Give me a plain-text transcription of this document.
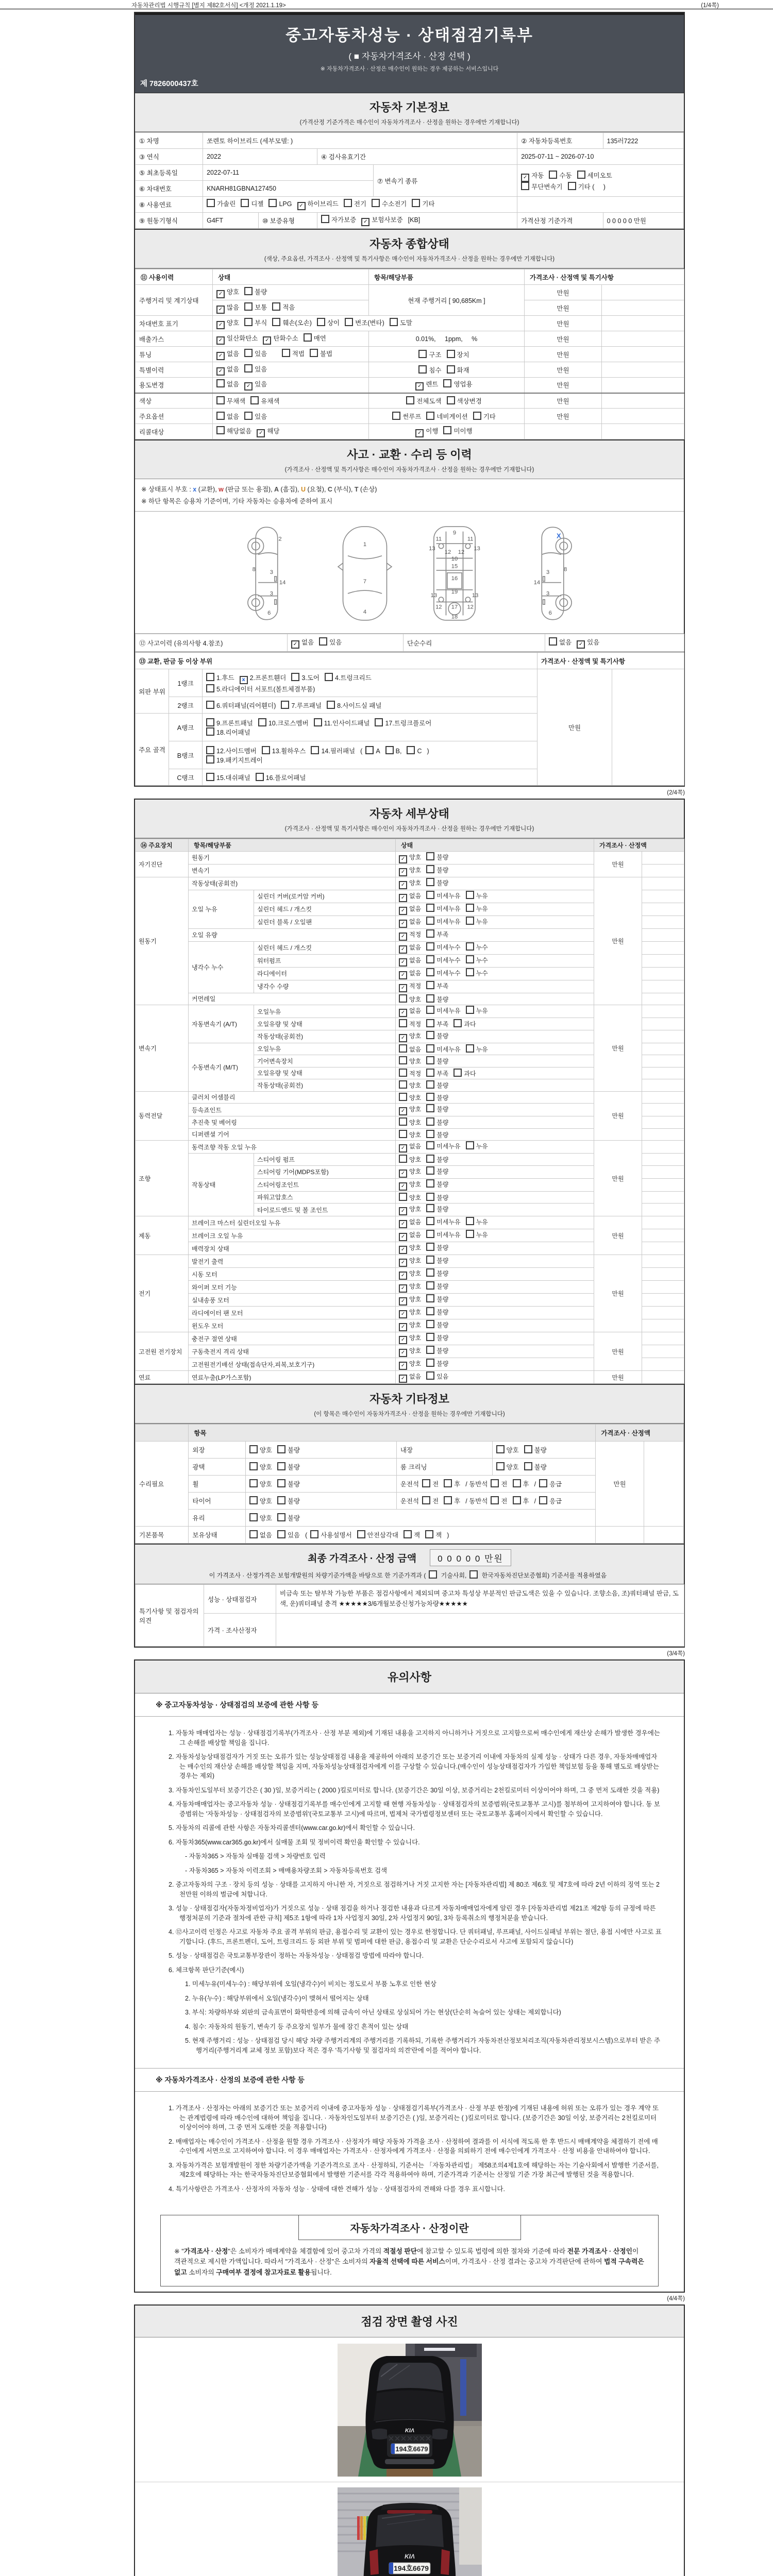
자동차관리법 시행규칙 [별지 제82호서식] <개정 2021.1.19>	(1/4쪽)
중고자동차성능 · 상태점검기록부
( ■ 자동차가격조사 · 산정 선택 )
※ 자동차가격조사 · 산정은 매수인이 원하는 경우 제공하는 서비스입니다
제 7826000437호
자동차 기본정보
(가격산정 기준가격은 매수인이 자동차가격조사 · 산정을 원하는 경우에만 기재합니다)
① 차명	쏘렌토 하이브리드 (세부모델: )				② 자동차등록번호	135러7222
③ 연식	2022		④ 검사유효기간		2025-07-11 ~ 2026-07-10	
⑤ 최초등록일	2022-07-11			⑦ 변속기 종류	✓ 자동 수동 세미오토
무단변속기 기타 (     )	
⑥ 차대번호	KNARH81GBNA127450					
⑧ 사용연료	가솔린 디젤 LPG ✓ 하이브리드 전기 수소전기 기타					
⑨ 원동기형식	G4FT	⑩ 보증유형	자가보증 ✓ 보험사보증 [KB]		가격산정 기준가격	0 0 0 0 0 만원
자동차 종합상태
(색상, 주요옵션, 가격조사 · 산정액 및 특기사항은 매수인이 자동차가격조사 · 산정을 원하는 경우에만 기재합니다)
⑪ 사용이력	상태	항목/해당부품	가격조사 · 산정액 및 특기사항	
주행거리 및 계기상태	✓ 양호 불량	현재 주행거리 [ 90,685Km ]	만원	
	✓ 많음 보통 적음		만원	
차대번호 표기	✓ 양호 부식 훼손(오손) 상이 변조(변타) 도말		만원	
배출가스	✓ 일산화탄소 ✓ 탄화수소 매연	0.01%,     1ppm,     %	만원	
튜닝	✓ 없음 있음  적법 불법	구조 장치	만원	
특별이력	✓ 없음 있음	침수 화재	만원	
용도변경	없음 ✓ 있음	✓ 렌트 영업용	만원	
색상	무채색 유채색	전체도색 색상변경	만원	
주요옵션	없음 있음	썬루프 네비게이션 기타	만원	
리콜대상	해당없음 ✓ 해당	✓ 이행 미이행		
사고 · 교환 · 수리 등 이력
(가격조사 · 산정액 및 특기사항은 매수인이 자동차가격조사 · 산정을 원하는 경우에만 기재합니다)
※ 상태표시 부호 : x (교환), w (판금 또는 용접), A (흠집), U (요철), C (부식), T (손상)
※ 하단 항목은 승용차 기준이며, 기타 자동차는 승용차에 준하여 표시
2
8	3
14
3
6
1
7
4
9
11	11
13	13
12 12
10
15
16
19
13	13
12	12
17
18
X
3	8
14
3
6
⑫ 사고이력 (유의사항 4.참조)	✓ 없음 있음	단순수리	없음 ✓ 있음
⑬ 교환, 판금 등 이상 부위			가격조사 · 산정액 및 특기사항	
외판 부위	1랭크	1.후드 x 2.프론트휀더 3.도어 4.트렁크리드
5.라디에이터 서포트(볼트체결부품)	만원	
	2랭크	6.쿼터패널(리어휀더) 7.루프패널 8.사이드실 패널		
주요 골격	A랭크	9.프론트패널 10.크로스멤버 11.인사이드패널 17.트렁크플로어
18.리어패널		
	B랭크	12.사이드멤버 13.휠하우스 14.필러패널 ( A B, C )
19.패키지트레이		
	C랭크	15.대쉬패널 16.플로어패널		
(2/4쪽)
자동차 세부상태
(가격조사 · 산정액 및 특기사항은 매수인이 자동차가격조사 · 산정을 원하는 경우에만 기재합니다)
⑭ 주요장치	항목/해당부품		상태	가격조사 · 산정액	
자기진단	원동기		✓ 양호 불량	만원	
	변속기		✓ 양호 불량		
원동기	작동상태(공회전)		✓ 양호 불량	만원	
	오일 누유	실린더 커버(로커암 커버)	✓ 없음 미세누유 누유		
		실린더 헤드 / 개스킷	✓ 없음 미세누유 누유		
		실린더 블록 / 오일팬	✓ 없음 미세누유 누유		
	오일 유량		✓ 적정 부족		
	냉각수 누수	실린더 헤드 / 개스킷	✓ 없음 미세누수 누수		
		워터펌프	✓ 없음 미세누수 누수		
		라디에이터	✓ 없음 미세누수 누수		
		냉각수 수량	✓ 적정 부족		
	커먼레일		양호 불량		
변속기	자동변속기 (A/T)	오일누유	✓ 없음 미세누유 누유	만원	
		오일유량 및 상태	적정 부족 과다		
		작동상태(공회전)	✓ 양호 불량		
	수동변속기 (M/T)	오일누유	없음 미세누유 누유		
		기어변속장치	양호 불량		
		오일유량 및 상태	적정 부족 과다		
		작동상태(공회전)	양호 불량		
동력전달	클러치 어셈블리		양호 불량	만원	
	등속죠인트		✓ 양호 불량		
	추진축 및 베어링		양호 불량		
	디퍼렌셜 기어		양호 불량		
조향	동력조향 작동 오일 누유		✓ 없음 미세누유 누유	만원	
	작동상태	스티어링 펌프	양호 불량		
		스티어링 기어(MDPS포함)	✓ 양호 불량		
		스티어링조인트	✓ 양호 불량		
		파워고압호스	양호 불량		
		타이로드엔드 및 볼 조인트	✓ 양호 불량		
제동	브레이크 마스터 실린더오일 누유		✓ 없음 미세누유 누유	만원	
	브레이크 오일 누유		✓ 없음 미세누유 누유		
	배력장치 상태		✓ 양호 불량		
전기	발전기 출력		✓ 양호 불량	만원	
	시동 모터		✓ 양호 불량		
	와이퍼 모터 기능		✓ 양호 불량		
	실내송풍 모터		✓ 양호 불량		
	라디에이터 팬 모터		✓ 양호 불량		
	윈도우 모터		✓ 양호 불량		
고전원 전기장치	충전구 절연 상태		✓ 양호 불량	만원	
	구동축전지 격리 상태		✓ 양호 불량		
	고전원전기배선 상태(접속단자,피복,보호기구)		✓ 양호 불량		
연료	연료누출(LP가스포함)		✓ 없음 있음	만원	
자동차 기타정보
(이 항목은 매수인이 자동차가격조사 · 산정을 원하는 경우에만 기재합니다)
	항목				가격조사 · 산정액	
수리필요	외장	양호 불량	내장	양호 불량	만원	
	광택	양호 불량	룸 크리닝	양호 불량		
	휠	양호 불량	운전석 전 후 / 동반석 전 후 / 응급			
	타이어	양호 불량	운전석 전 후 / 동반석 전 후 / 응급			
	유리	양호 불량				
기본품목	보유상태	없음 있음 ( 사용설명서 안전삼각대 잭 잭 )				
최종 가격조사 · 산정 금액	0 0 0 0 0 만원
이 가격조사 · 산정가격은 보험개발원의 차량기준가액을 바탕으로 한 기준가격과 ( 기술사회, 한국자동차진단보증협회) 기준서를 적용하였음
특기사항 및 점검자의 의견	성능 · 상태점검자	비금속 또는 탈부착 가능한 부품은 점검사항에서 제외되며 중고차 특성상 부분적인 판금도색은 있을 수 있습니다. 조향소음, 조)쿼터패널 판금, 도색, 운)쿼터패널 충격 ★★★★★3/6개월보증신청가능차량★★★★★
	가격 · 조사산정자	
(3/4쪽)
유의사항
※ 중고자동차성능 · 상태점검의 보증에 관한 사항 등
1. 자동차 매매업자는 성능 · 상태점검기록부(가격조사 · 산정 부분 제외)에 기재된 내용을 고지하지 아니하거나 거짓으로 고지함으로써 매수인에게 재산상 손해가 발생한 경우에는 그 손해를 배상할 책임을 집니다.
2. 자동차성능상태점검자가 거짓 또는 오류가 있는 성능상태점검 내용을 제공하여 아래의 보증기간 또는 보증거리 이내에 자동차의 실제 성능 · 상태가 다른 경우, 자동차매매업자는 매수인의 재산상 손해를 배상할 책임을 지며, 자동차성능상태점검자에게 이를 구상할 수 있습니다.(매수인이 성능상태점검자가 가입한 책임보험 등을 통해 별도로 배상받는 경우는 제외)
3. 자동차인도일부터 보증기간은 ( 30 )일, 보증거리는 ( 2000 )킬로미터로 합니다. (보증기간은 30일 이상, 보증거리는 2천킬로미터 이상이어야 하며, 그 중 먼저 도래한 것을 적용)
4. 자동차매매업자는 중고자동차 성능 · 상태점검기록부를 매수인에게 고지할 때 현행 자동차성능 · 상태점검자의 보증범위(국토교통부 고시)를 첨부하여 고지하여야 합니다. 동 보증범위는 '자동차성능 · 상태점검자의 보증범위'(국토교통부 고시)에 따르며, 법제처 국가법령정보센터 또는 국토교통부 홈페이지에서 확인할 수 있습니다.
5. 자동차의 리콜에 관한 사항은 자동차리콜센터(www.car.go.kr)에서 확인할 수 있습니다.
6. 자동차365(www.car365.go.kr)에서 실매물 조회 및 정비이력 확인을 확인할 수 있습니다.
- 자동차365 > 자동차 실매물 검색 > 차량번호 입력
- 자동차365 > 자동차 이력조회 > 매매용차량조회 > 자동차등록번호 검색
2. 중고자동차의 구조 · 장치 등의 성능 · 상태를 고지하지 아니한 자, 거짓으로 점검하거나 거짓 고지한 자는 [자동차관리법] 제 80조 제6호 및 제7호에 따라 2년 이하의 징역 또는 2천만원 이하의 벌금에 처합니다.
3. 성능 · 상태점검자(자동차정비업자)가 거짓으로 성능 · 상태 점검을 하거나 점검한 내용과 다르게 자동차매매업자에게 알린 경우 [자동차관리법 제21조 제2항 등의 규정에 따른 행정처분의 기준과 절차에 관한 규칙] 제5조 1항에 따라 1차 사업정지 30일, 2차 사업정지 90일, 3차 등록취소의 행정처분을 받습니다.
4. ⑫사고이력 인정은 사고로 자동차 주요 골격 부위의 판금, 용접수리 및 교환이 있는 경우로 한정합니다. 단 쿼터패널, 루프패널, 사이드실패널 부위는 절단, 용접 시에만 사고로 표기합니다. (후드, 프론트펜더, 도어, 트렁크리드 등 외판 부위 및 범퍼에 대한 판금, 용접수리 및 교환은 단순수리로서 사고에 포함되지 않습니다)
5. 성능 · 상태점검은 국토교통부장관이 정하는 자동차성능 · 상태점검 방법에 따라야 합니다.
6. 체크항목 판단기준(예시)
1. 미세누유(미세누수) : 해당부위에 오일(냉각수)이 비치는 정도로서 부품 노후로 인한 현상
2. 누유(누수) : 해당부위에서 오일(냉각수)이 맺혀서 떨어지는 상태
3. 부식: 차량하부와 외판의 금속표면이 화학반응에 의해 금속이 아닌 상태로 상실되어 가는 현상(단순히 녹슬어 있는 상태는 제외합니다)
4. 침수: 자동차의 원동기, 변속기 등 주요장치 일부가 물에 잠긴 흔적이 있는 상태
5. 현재 주행거리 : 성능 · 상태점검 당시 해당 차량 주행거리계의 주행거리를 기록하되, 기록한 주행거리가 자동차전산정보처리조직(자동차관리정보시스템)으로부터 받은 주행거리(주행거리계 교체 정보 포함)보다 적은 경우 '특기사항 및 점검자의 의견'란에 이를 적어야 합니다.
※ 자동차가격조사 · 산정의 보증에 관한 사항 등
1. 가격조사 · 산정자는 아래의 보증기간 또는 보증거리 이내에 중고자동차 성능 · 상태점검기록부(가격조사 · 산정 부분 한정)에 기재된 내용에 허위 또는 오류가 있는 경우 계약 또는 관계법령에 따라 매수인에 대하여 책임을 집니다. · 자동차인도일부터 보증기간은 ( )일, 보증거리는 ( )킬로미터로 합니다. (보증기간은 30일 이상, 보증거리는 2천킬로미터 이상이어야 하며, 그 중 먼저 도래한 것을 적용합니다)
2. 매매업자는 매수인이 가격조사 · 산정을 원할 경우 가격조사 · 산정자가 해당 자동차 가격을 조사 · 산정하여 결과를 이 서식에 적도록 한 후 반드시 매매계약을 체결하기 전에 매수인에게 서면으로 고지하여야 합니다. 이 경우 매매업자는 가격조사 · 산정자에게 가격조사 · 산정을 의뢰하기 전에 매수인에게 가격조사 · 산정 비용을 안내하여야 합니다.
3. 자동차가격은 보험개발원이 정한 차량기준가액을 기준가격으로 조사 · 산정하되, 기준서는 「자동차관리법」 제58조의4제1호에 해당하는 자는 기술사회에서 발행한 기준서를, 제2호에 해당하는 자는 한국자동차진단보증협회에서 발행한 기준서를 각각 적용하여야 하며, 기준가격과 기준서는 산정일 기준 가장 최근에 발행된 것을 적용합니다.
4. 특기사항란은 가격조사 · 산정자의 자동차 성능 · 상태에 대한 견해가 성능 · 상태점검자의 견해와 다를 경우 표시합니다.
자동차가격조사 · 산정이란
※ "가격조사 · 산정"은 소비자가 매매계약을 체결함에 있어 중고차 가격의 적절성 판단에 참고할 수 있도록 법령에 의한 절차와 기준에 따라 전문 가격조사 · 산정인이 객관적으로 제시한 가액입니다. 따라서 "가격조사 · 산정"은 소비자의 자율적 선택에 따른 서비스이며, 가격조사 · 산정 결과는 중고차 가격판단에 관하여 법적 구속력은 없고 소비자의 구매여부 결정에 참고자료로 활용됩니다.
(4/4쪽)
점검 장면 촬영 사진
KIΛ
194호6679
KIΛ
194호6679
